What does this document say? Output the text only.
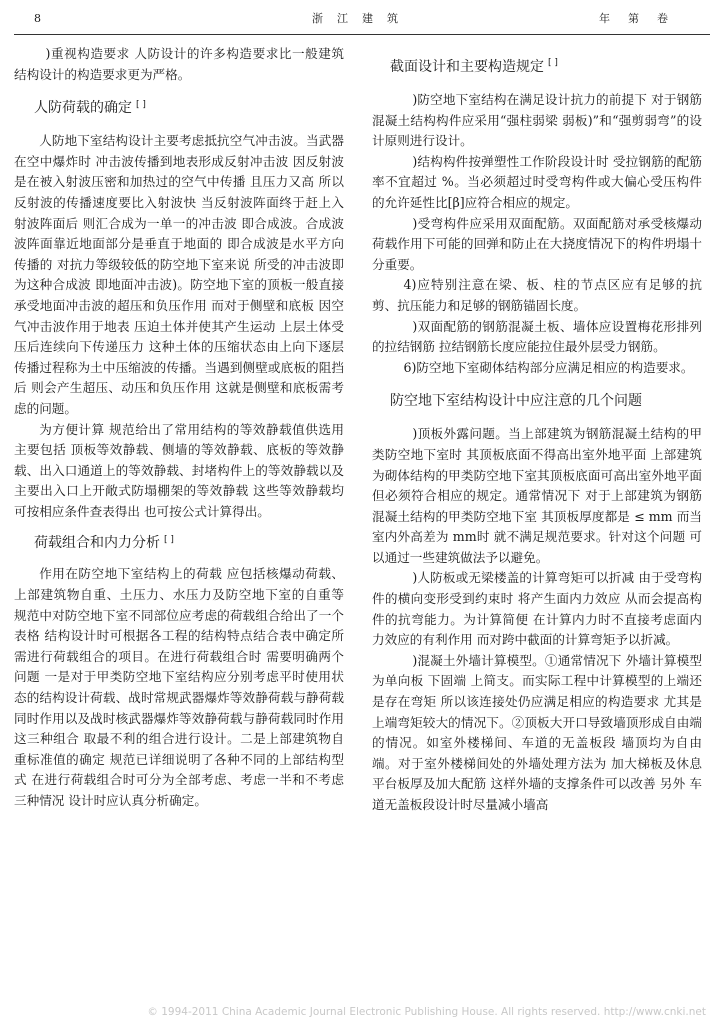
8	浙江建筑	年第卷

)重视构造要求 人防设计的许多构造要求比一般建筑结构设计的构造要求更为严格。

人防荷载的确定 [ ]

人防地下室结构设计主要考虑抵抗空气冲击波。当武器在空中爆炸时 冲击波传播到地表形成反射冲击波 因反射波是在被入射波压密和加热过的空气中传播 且压力又高 所以反射波的传播速度要比入射波快 当反射波阵面终于赶上入射波阵面后 则汇合成为一单一的冲击波 即合成波。合成波波阵面靠近地面部分是垂直于地面的 即合成波是水平方向传播的 对抗力等级较低的防空地下室来说 所受的冲击波即为这种合成波 即地面冲击波)。防空地下室的顶板一般直接承受地面冲击波的超压和负压作用 而对于侧壁和底板 因空气冲击波作用于地表 压迫土体并使其产生运动 上层土体受压后连续向下传递压力 这种土体的压缩状态由上向下逐层传播过程称为土中压缩波的传播。当遇到侧壁或底板的阻挡后 则会产生超压、动压和负压作用 这就是侧壁和底板需考虑的问题。

为方便计算 规范给出了常用结构的等效静载值供选用 主要包括 顶板等效静载、侧墙的等效静载、底板的等效静载、出入口通道上的等效静载、封堵构件上的等效静载以及主要出入口上开敞式防塌棚架的等效静载 这些等效静载均可按相应条件查表得出 也可按公式计算得出。

荷载组合和内力分析 [ ]

作用在防空地下室结构上的荷载 应包括核爆动荷载、上部建筑物自重、土压力、水压力及防空地下室的自重等 规范中对防空地下室不同部位应考虑的荷载组合给出了一个表格 结构设计时可根据各工程的结构特点结合表中确定所需进行荷载组合的项目。在进行荷载组合时 需要明确两个问题 一是对于甲类防空地下室结构应分别考虑平时使用状态的结构设计荷载、战时常规武器爆炸等效静荷载与静荷载同时作用以及战时核武器爆炸等效静荷载与静荷载同时作用这三种组合 取最不利的组合进行设计。二是上部建筑物自重标准值的确定 规范已详细说明了各种不同的上部结构型式 在进行荷载组合时可分为全部考虑、考虑一半和不考虑三种情况 设计时应认真分析确定。

截面设计和主要构造规定 [ ]

)防空地下室结构在满足设计抗力的前提下 对于钢筋混凝土结构构件应采用“强柱弱梁 弱板)”和“强剪弱弯”的设计原则进行设计。

)结构构件按弹塑性工作阶段设计时 受拉钢筋的配筋率不宜超过 %。当必须超过时受弯构件或大偏心受压构件的允许延性比[β]应符合相应的规定。

)受弯构件应采用双面配筋。双面配筋对承受核爆动荷载作用下可能的回弹和防止在大挠度情况下的构件坍塌十分重要。

4)应特别注意在梁、板、柱的节点区应有足够的抗剪、抗压能力和足够的钢筋锚固长度。

)双面配筋的钢筋混凝土板、墙体应设置梅花形排列的拉结钢筋 拉结钢筋长度应能拉住最外层受力钢筋。

6)防空地下室砌体结构部分应满足相应的构造要求。

防空地下室结构设计中应注意的几个问题

)顶板外露问题。当上部建筑为钢筋混凝土结构的甲类防空地下室时 其顶板底面不得高出室外地平面 上部建筑为砌体结构的甲类防空地下室其顶板底面可高出室外地平面 但必须符合相应的规定。通常情况下 对于上部建筑为钢筋混凝土结构的甲类防空地下室 其顶板厚度都是 ≤ mm 而当室内外高差为 mm时 就不满足规范要求。针对这个问题 可以通过一些建筑做法予以避免。

)人防板或无梁楼盖的计算弯矩可以折减 由于受弯构件的横向变形受到约束时 将产生面内力效应 从而会提高构件的抗弯能力。为计算简便 在计算内力时不直接考虑面内力效应的有利作用 而对跨中截面的计算弯矩予以折减。

)混凝土外墙计算模型。①通常情况下 外墙计算模型为单向板 下固端 上简支。而实际工程中计算模型的上端还是存在弯矩 所以该连接处仍应满足相应的构造要求 尤其是上端弯矩较大的情况下。②顶板大开口导致墙顶形成自由端的情况。如室外楼梯间、车道的无盖板段 墙顶均为自由端。对于室外楼梯间处的外墙处理方法为 加大梯板及休息平台板厚及加大配筋 这样外墙的支撑条件可以改善 另外 车道无盖板段设计时尽量减小墙高

© 1994-2011 China Academic Journal Electronic Publishing House. All rights reserved. http://www.cnki.net
